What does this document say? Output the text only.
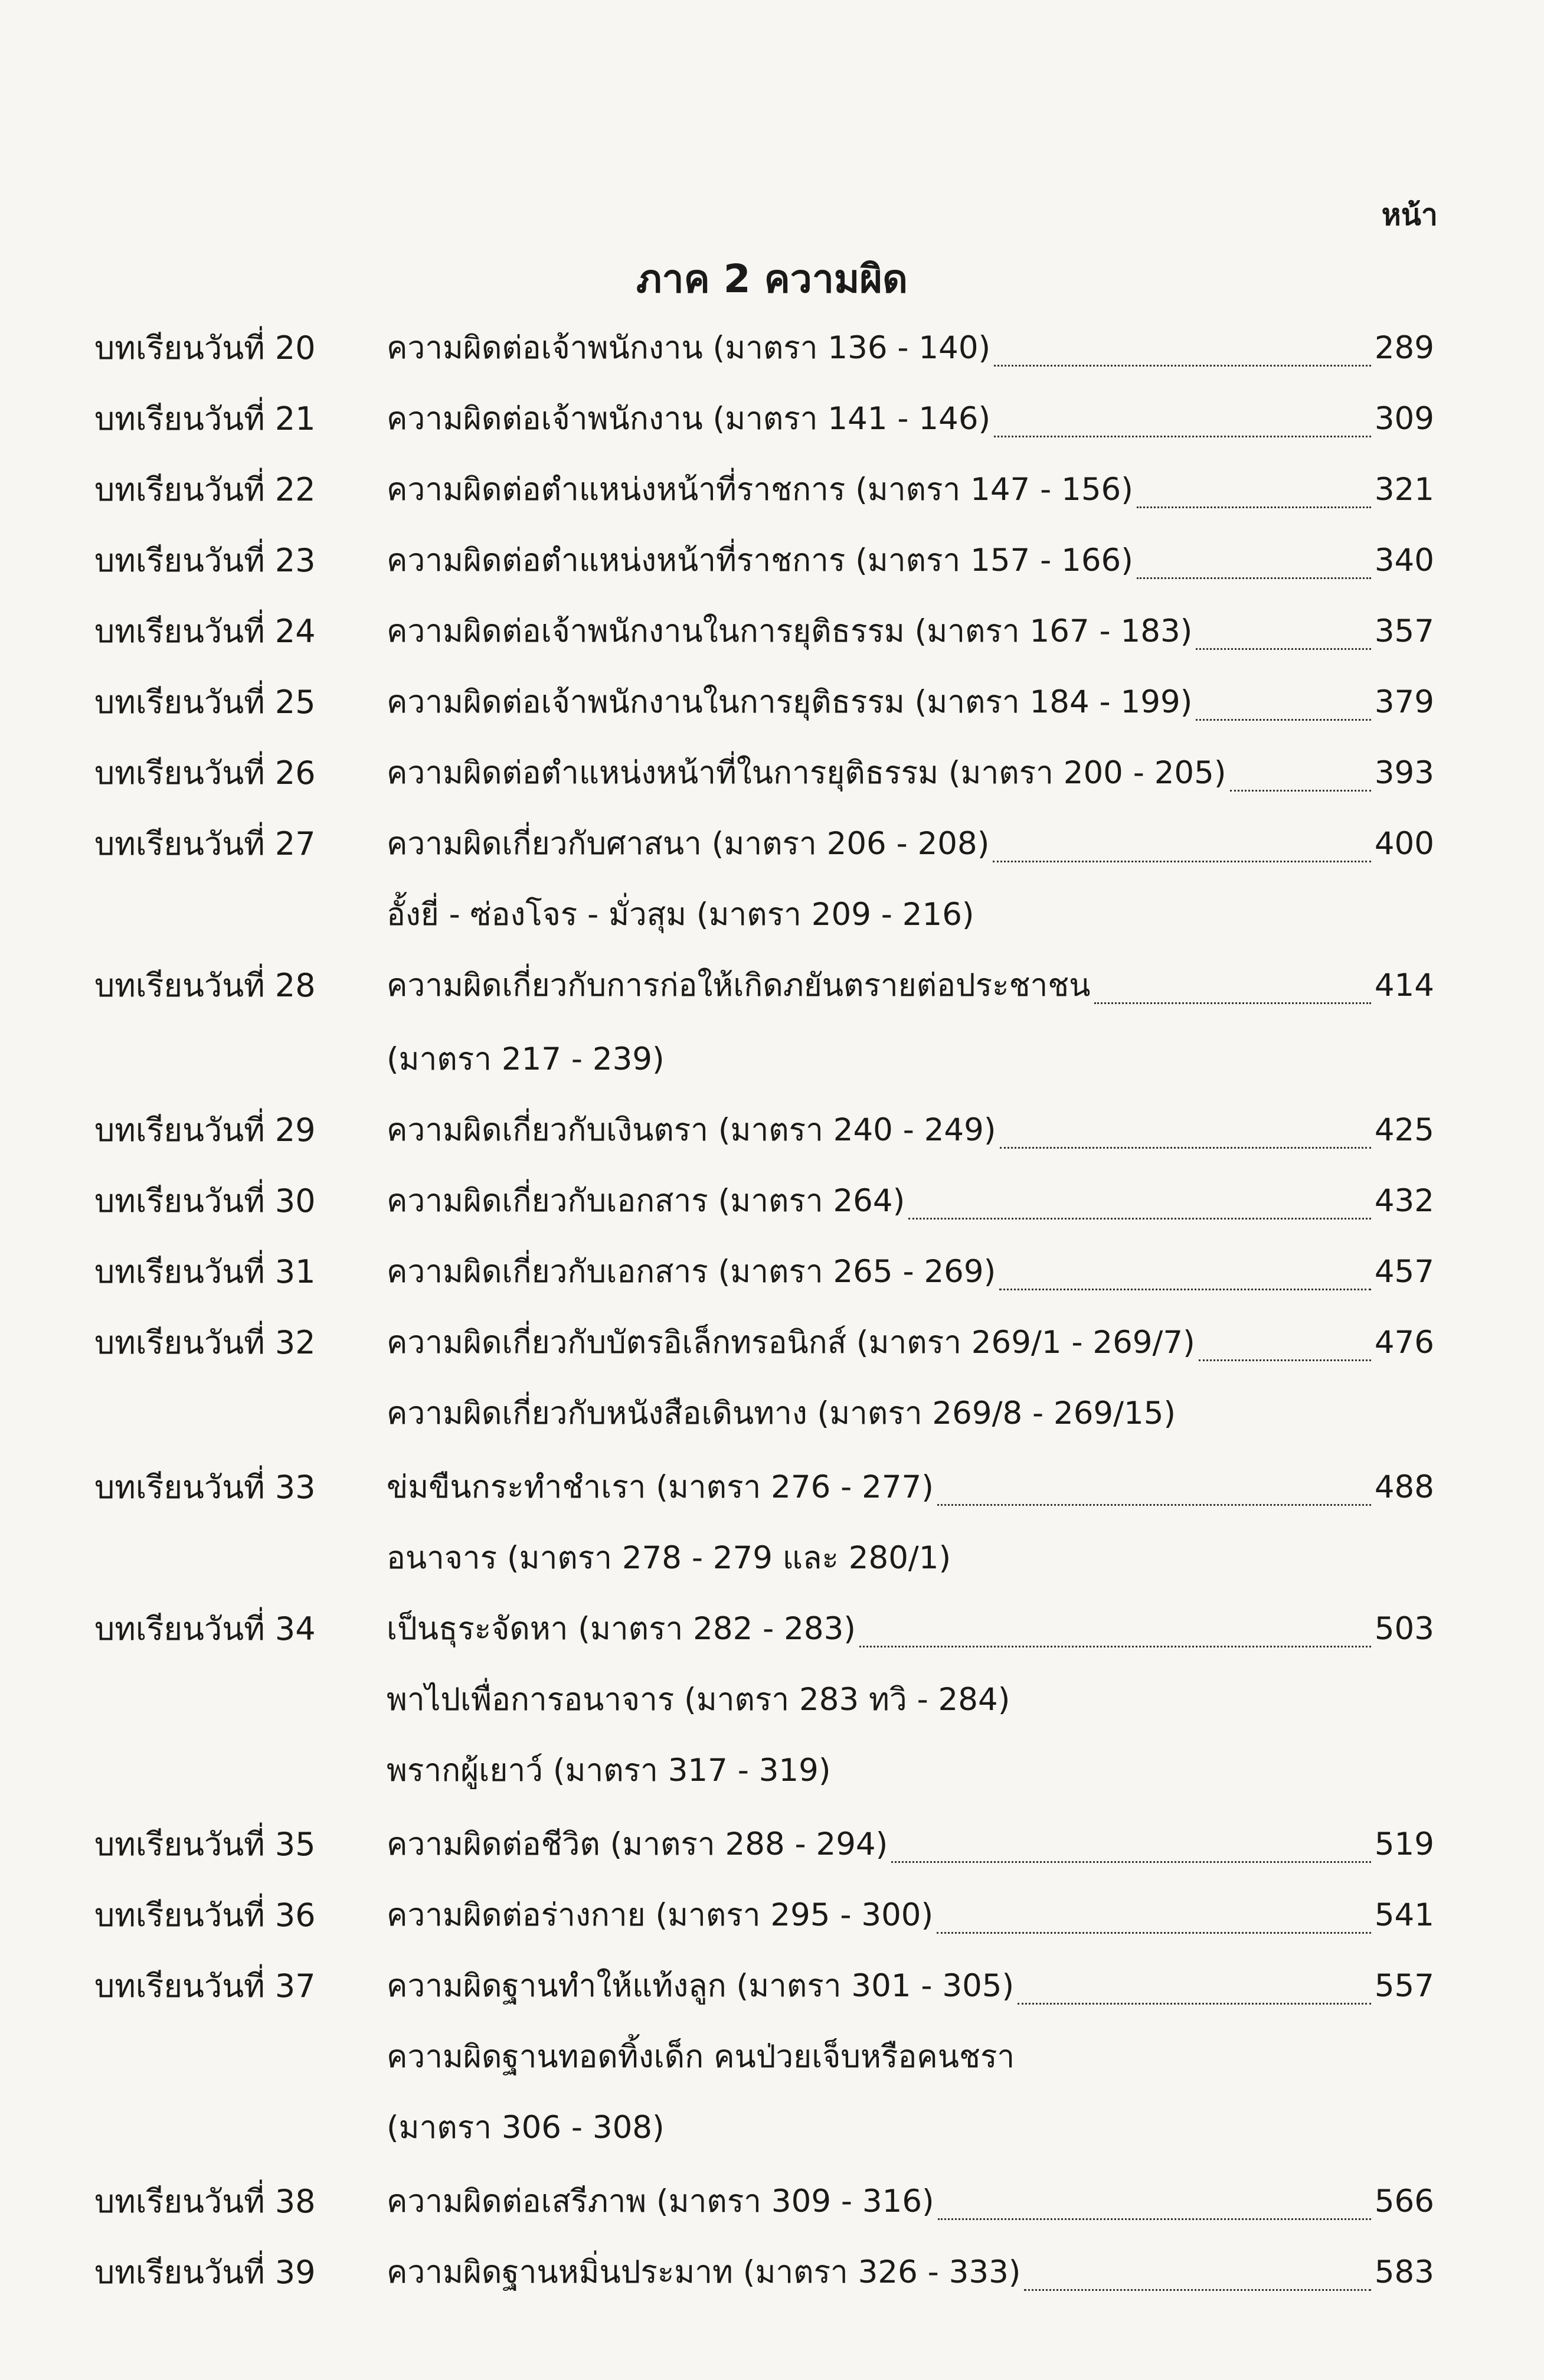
หน้า
ภาค 2 ความผิด
บทเรียนวันที่ 20	ความผิดต่อเจ้าพนักงาน (มาตรา 136 - 140)	289
บทเรียนวันที่ 21	ความผิดต่อเจ้าพนักงาน (มาตรา 141 - 146)	309
บทเรียนวันที่ 22	ความผิดต่อตำแหน่งหน้าที่ราชการ (มาตรา 147 - 156)	321
บทเรียนวันที่ 23	ความผิดต่อตำแหน่งหน้าที่ราชการ (มาตรา 157 - 166)	340
บทเรียนวันที่ 24	ความผิดต่อเจ้าพนักงานในการยุติธรรม (มาตรา 167 - 183)	357
บทเรียนวันที่ 25	ความผิดต่อเจ้าพนักงานในการยุติธรรม (มาตรา 184 - 199)	379
บทเรียนวันที่ 26	ความผิดต่อตำแหน่งหน้าที่ในการยุติธรรม (มาตรา 200 - 205)	393
บทเรียนวันที่ 27	ความผิดเกี่ยวกับศาสนา (มาตรา 206 - 208)	400
อั้งยี่ - ซ่องโจร - มั่วสุม (มาตรา 209 - 216)
บทเรียนวันที่ 28	ความผิดเกี่ยวกับการก่อให้เกิดภยันตรายต่อประชาชน	414
(มาตรา 217 - 239)
บทเรียนวันที่ 29	ความผิดเกี่ยวกับเงินตรา (มาตรา 240 - 249)	425
บทเรียนวันที่ 30	ความผิดเกี่ยวกับเอกสาร (มาตรา 264)	432
บทเรียนวันที่ 31	ความผิดเกี่ยวกับเอกสาร (มาตรา 265 - 269)	457
บทเรียนวันที่ 32	ความผิดเกี่ยวกับบัตรอิเล็กทรอนิกส์ (มาตรา 269/1 - 269/7)	476
ความผิดเกี่ยวกับหนังสือเดินทาง (มาตรา 269/8 - 269/15)
บทเรียนวันที่ 33	ข่มขืนกระทำชำเรา (มาตรา 276 - 277)	488
อนาจาร (มาตรา 278 - 279 และ 280/1)
บทเรียนวันที่ 34	เป็นธุระจัดหา (มาตรา 282 - 283)	503
พาไปเพื่อการอนาจาร (มาตรา 283 ทวิ - 284)
พรากผู้เยาว์ (มาตรา 317 - 319)
บทเรียนวันที่ 35	ความผิดต่อชีวิต (มาตรา 288 - 294)	519
บทเรียนวันที่ 36	ความผิดต่อร่างกาย (มาตรา 295 - 300)	541
บทเรียนวันที่ 37	ความผิดฐานทำให้แท้งลูก (มาตรา 301 - 305)	557
ความผิดฐานทอดทิ้งเด็ก คนป่วยเจ็บหรือคนชรา
(มาตรา 306 - 308)
บทเรียนวันที่ 38	ความผิดต่อเสรีภาพ (มาตรา 309 - 316)	566
บทเรียนวันที่ 39	ความผิดฐานหมิ่นประมาท (มาตรา 326 - 333)	583
